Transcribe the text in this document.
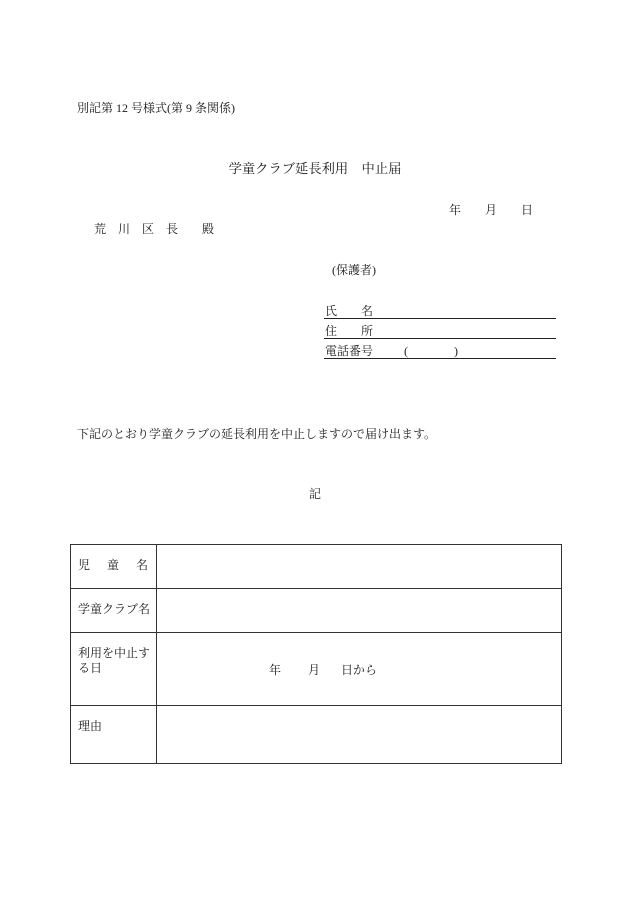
別記第 12 号様式(第 9 条関係)
学童クラブ延長利用　中止届
年 月 日
荒　川　区　長　　殿
(保護者)
氏　　名
住　　所
電話番号	(	)
下記のとおり学童クラブの延長利用を中止しますので届け出ます。
記
児　童　名
学童クラブ名
利用を中止する日	年 月 日から
理由
